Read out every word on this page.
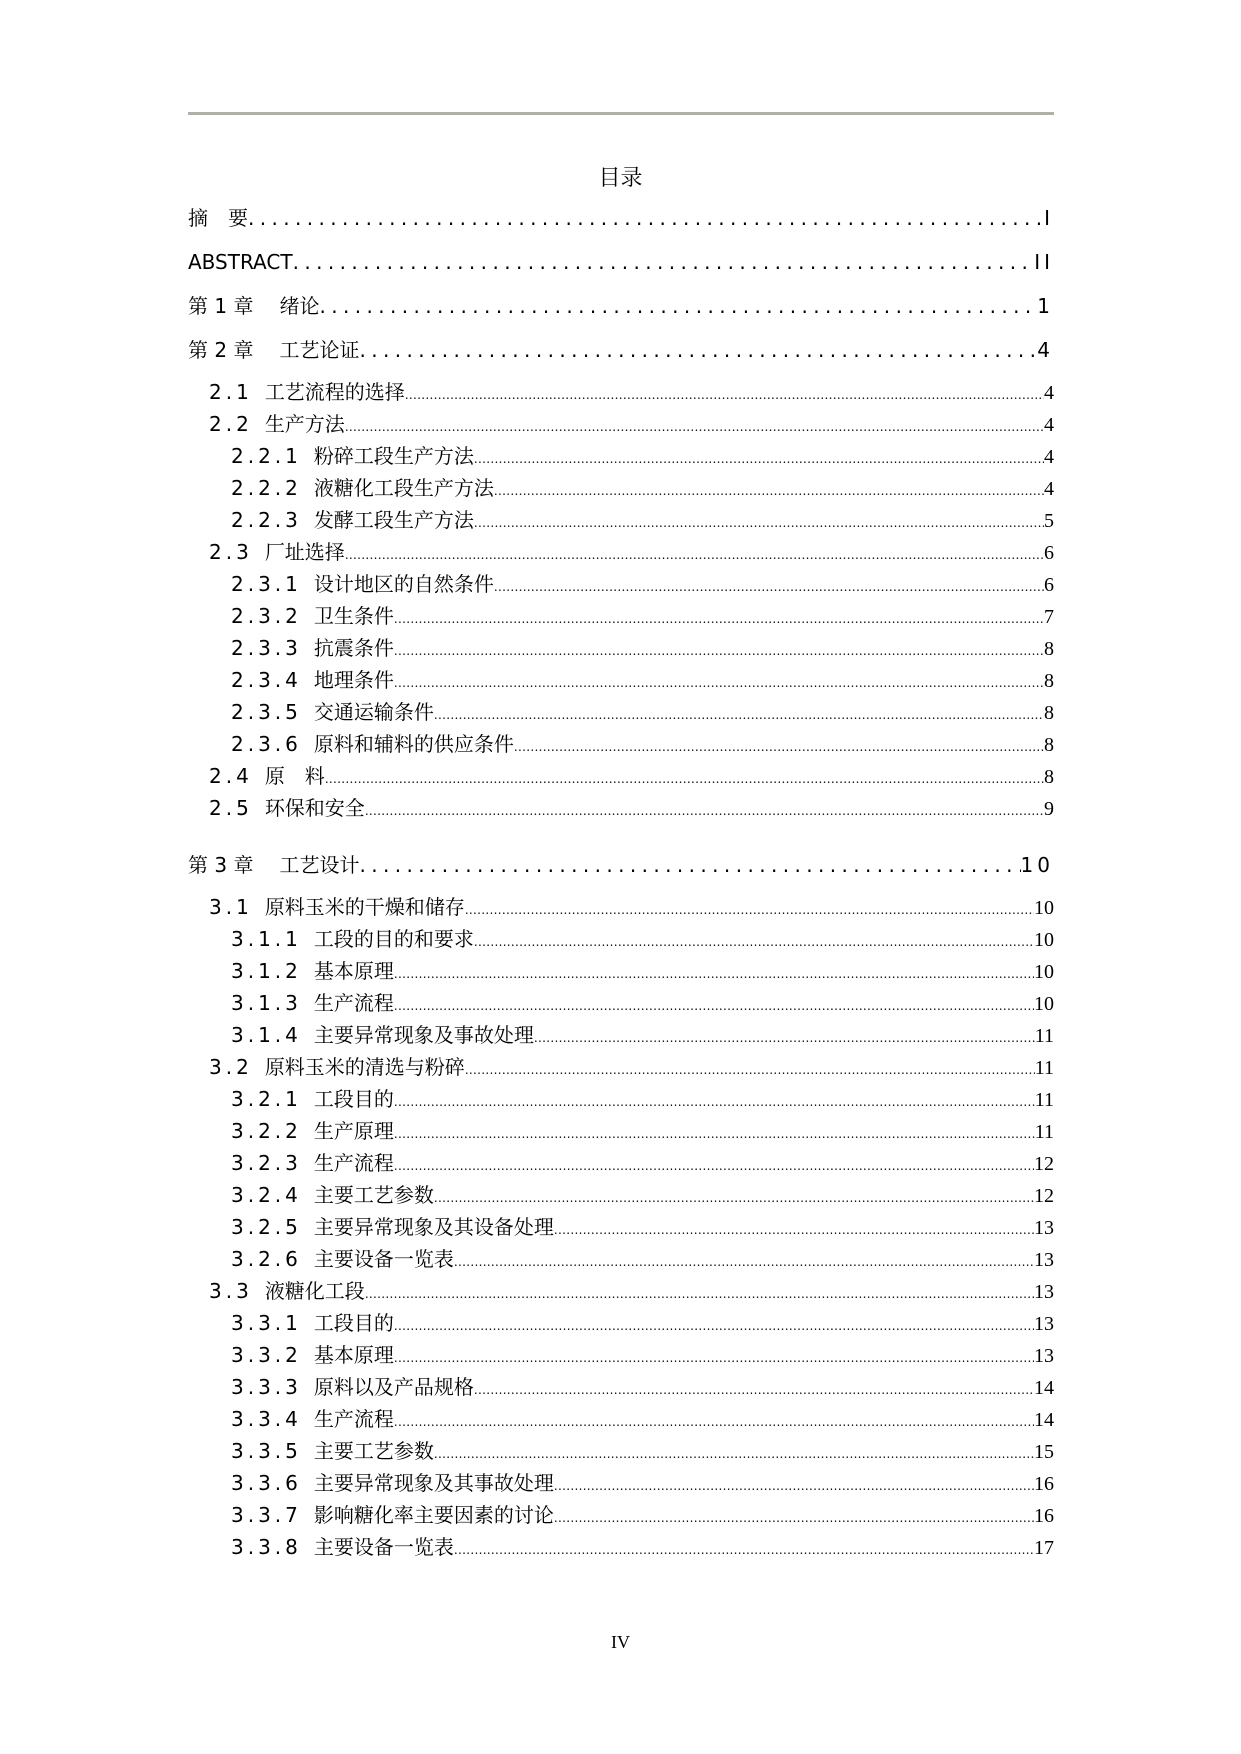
目录
摘　要 .....	I
ABSTRACT .....	II
第 1 章	绪论 .....	1
第 2 章	工艺论证 .....	4
2.1 工艺流程的选择 .....	4
2.2 生产方法 .....	4
2.2.1 粉碎工段生产方法 .....	4
2.2.2 液糖化工段生产方法 .....	4
2.2.3 发酵工段生产方法 .....	5
2.3 厂址选择 .....	6
2.3.1 设计地区的自然条件 .....	6
2.3.2 卫生条件 .....	7
2.3.3 抗震条件 .....	8
2.3.4 地理条件 .....	8
2.3.5 交通运输条件 .....	8
2.3.6 原料和辅料的供应条件 .....	8
2.4 原　料 .....	8
2.5 环保和安全 .....	9
第 3 章	工艺设计 .....	10
3.1 原料玉米的干燥和储存 .....	10
3.1.1 工段的目的和要求 .....	10
3.1.2 基本原理 .....	10
3.1.3 生产流程 .....	10
3.1.4 主要异常现象及事故处理 .....	11
3.2 原料玉米的清选与粉碎 .....	11
3.2.1 工段目的 .....	11
3.2.2 生产原理 .....	11
3.2.3 生产流程 .....	12
3.2.4 主要工艺参数 .....	12
3.2.5 主要异常现象及其设备处理 .....	13
3.2.6 主要设备一览表 .....	13
3.3 液糖化工段 .....	13
3.3.1 工段目的 .....	13
3.3.2 基本原理 .....	13
3.3.3 原料以及产品规格 .....	14
3.3.4 生产流程 .....	14
3.3.5 主要工艺参数 .....	15
3.3.6 主要异常现象及其事故处理 .....	16
3.3.7 影响糖化率主要因素的讨论 .....	16
3.3.8 主要设备一览表 .....	17
IV
